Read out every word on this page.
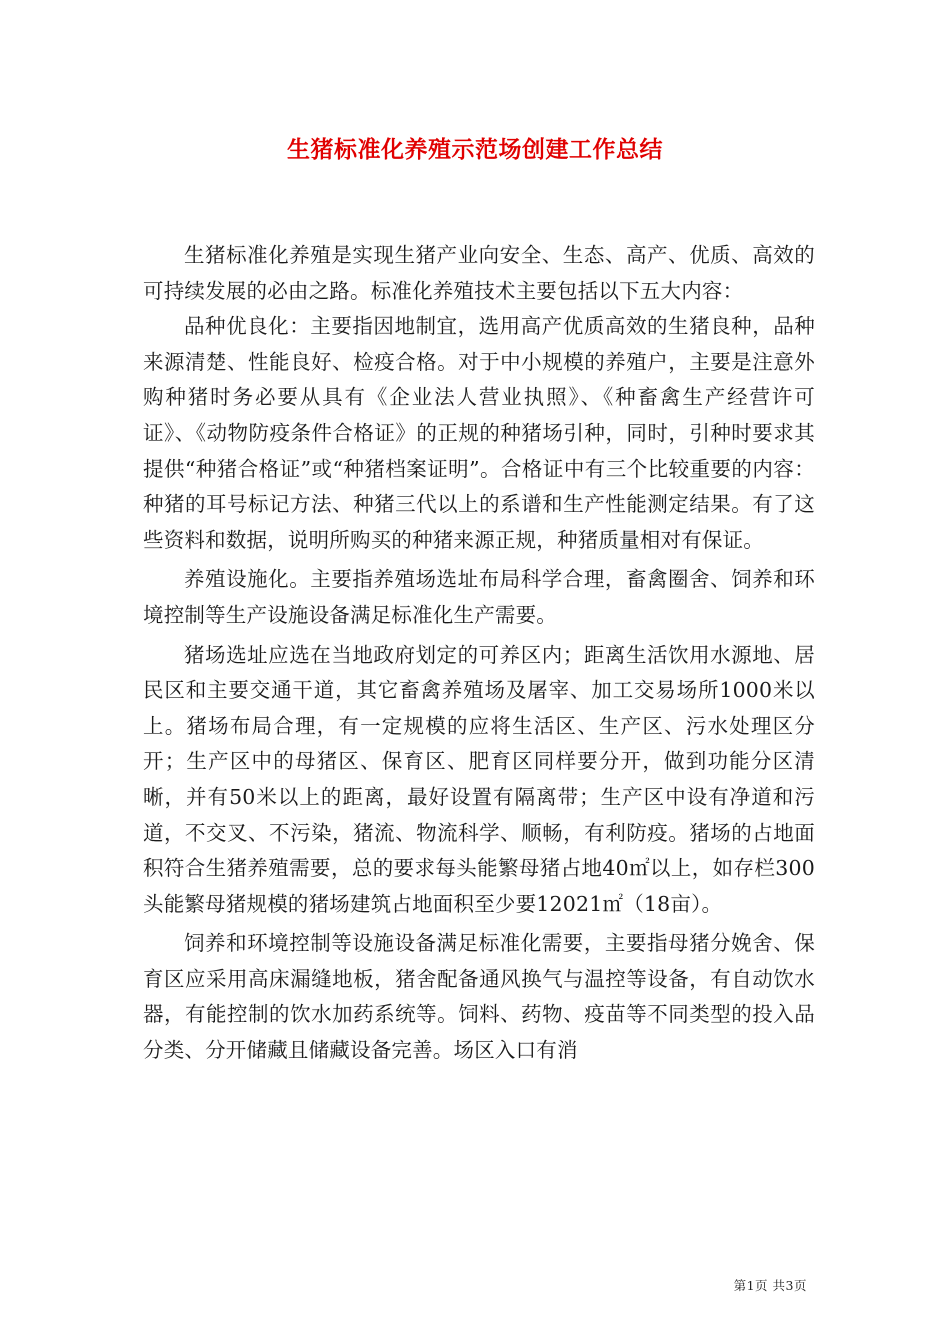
生猪标准化养殖示范场创建工作总结

生猪标准化养殖是实现生猪产业向安全、生态、高产、优质、高效的可持续发展的必由之路。标准化养殖技术主要包括以下五大内容：

品种优良化：主要指因地制宜，选用高产优质高效的生猪良种，品种来源清楚、性能良好、检疫合格。对于中小规模的养殖户，主要是注意外购种猪时务必要从具有《企业法人营业执照》、《种畜禽生产经营许可证》、《动物防疫条件合格证》的正规的种猪场引种，同时，引种时要求其提供“种猪合格证”或“种猪档案证明”。合格证中有三个比较重要的内容：种猪的耳号标记方法、种猪三代以上的系谱和生产性能测定结果。有了这些资料和数据，说明所购买的种猪来源正规，种猪质量相对有保证。

养殖设施化。主要指养殖场选址布局科学合理，畜禽圈舍、饲养和环境控制等生产设施设备满足标准化生产需要。

猪场选址应选在当地政府划定的可养区内；距离生活饮用水源地、居民区和主要交通干道，其它畜禽养殖场及屠宰、加工交易场所1000米以上。猪场布局合理，有一定规模的应将生活区、生产区、污水处理区分开；生产区中的母猪区、保育区、肥育区同样要分开，做到功能分区清晰，并有50米以上的距离，最好设置有隔离带；生产区中设有净道和污道，不交叉、不污染，猪流、物流科学、顺畅，有利防疫。猪场的占地面积符合生猪养殖需要，总的要求每头能繁母猪占地40㎡以上，如存栏300头能繁母猪规模的猪场建筑占地面积至少要12021㎡（18亩）。

饲养和环境控制等设施设备满足标准化需要，主要指母猪分娩舍、保育区应采用高床漏缝地板，猪舍配备通风换气与温控等设备，有自动饮水器，有能控制的饮水加药系统等。饲料、药物、疫苗等不同类型的投入品分类、分开储藏且储藏设备完善。场区入口有消

第1页 共3页
